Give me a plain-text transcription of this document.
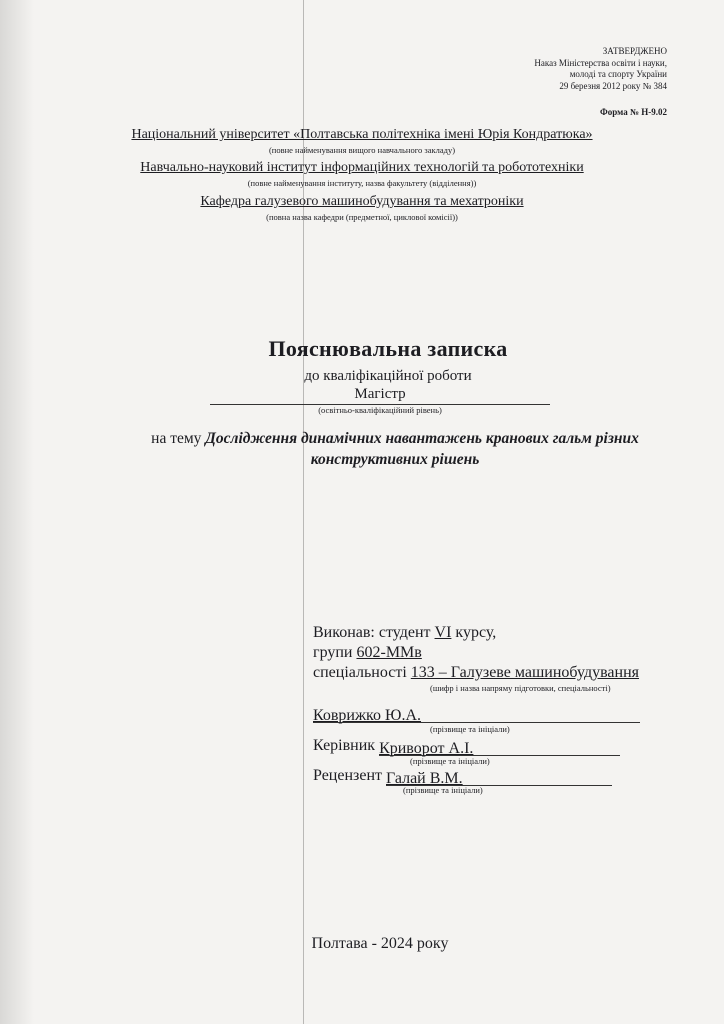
ЗАТВЕРДЖЕНО
Наказ Міністерства освіти і науки,
молоді та спорту України
29 березня 2012 року № 384
Форма № Н-9.02
Національний університет «Полтавська політехніка імені Юрія Кондратюка»
(повне найменування вищого навчального закладу)
Навчально-науковий інститут інформаційних технологій та робототехніки
(повне найменування інституту, назва факультету (відділення))
Кафедра галузевого машинобудування та мехатроніки
(повна назва кафедри (предметної, циклової комісії))
Пояснювальна записка
до кваліфікаційної роботи
Магістр
(освітньо-кваліфікаційний рівень)
на тему Дослідження динамічних навантажень кранових гальм різних конструктивних рішень
Виконав: студент VI курсу,
групи 602-ММв
спеціальності 133 – Галузеве машинобудування
(шифр і назва напряму підготовки, спеціальності)
Коврижко Ю.А.
(прізвище та ініціали)
Керівник Криворот А.І.
(прізвище та ініціали)
Рецензент Галай В.М.
(прізвище та ініціали)
Полтава - 2024 року
